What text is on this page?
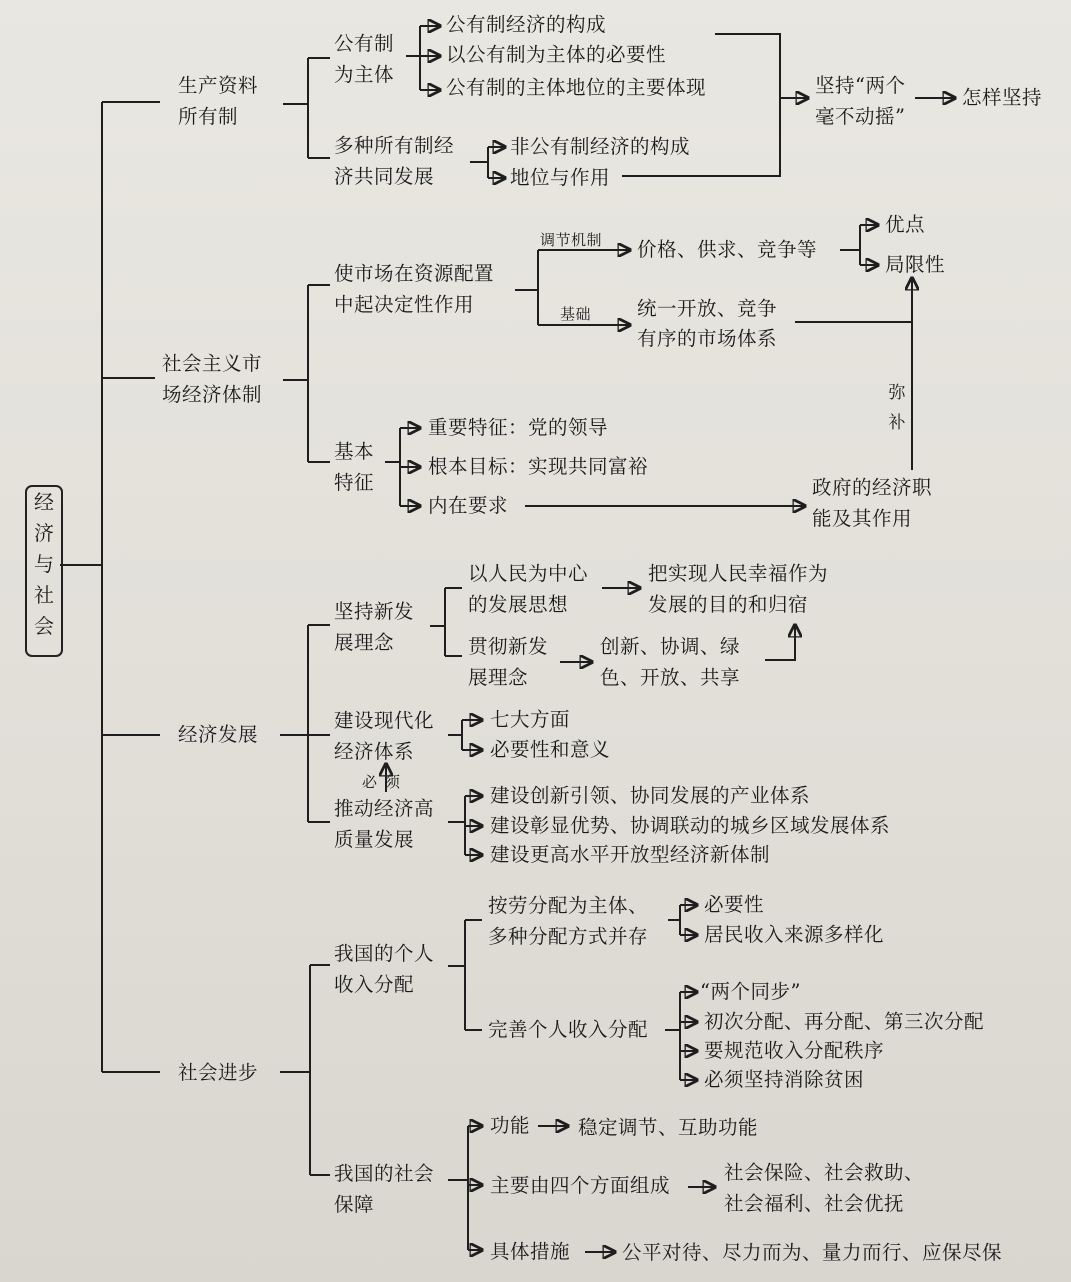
经
济
与
社
会
生产资料
所有制
公有制
为主体
公有制经济的构成
以公有制为主体的必要性
公有制的主体地位的主要体现
多种所有制经
济共同发展
非公有制经济的构成
地位与作用
坚持“两个
毫不动摇”
怎样坚持
社会主义市
场经济体制
使市场在资源配置
中起决定性作用
调节机制 价格、供求、竞争等
优点
局限性
基础 统一开放、竞争
有序的市场体系
弥
补
基本
特征
重要特征：党的领导
根本目标：实现共同富裕
内在要求
政府的经济职
能及其作用
经济发展
坚持新发
展理念
以人民为中心
的发展思想
把实现人民幸福作为
发展的目的和归宿
贯彻新发
展理念
创新、协调、绿
色、开放、共享
建设现代化
经济体系
七大方面
必要性和意义
必须
推动经济高
质量发展
建设创新引领、协同发展的产业体系
建设彰显优势、协调联动的城乡区域发展体系
建设更高水平开放型经济新体制
社会进步
我国的个人
收入分配
按劳分配为主体、
多种分配方式并存
必要性
居民收入来源多样化
完善个人收入分配
“两个同步”
初次分配、再分配、第三次分配
要规范收入分配秩序
必须坚持消除贫困
我国的社会
保障
功能 稳定调节、互助功能
主要由四个方面组成
社会保险、社会救助、
社会福利、社会优抚
具体措施	公平对待、尽力而为、量力而行、应保尽保
